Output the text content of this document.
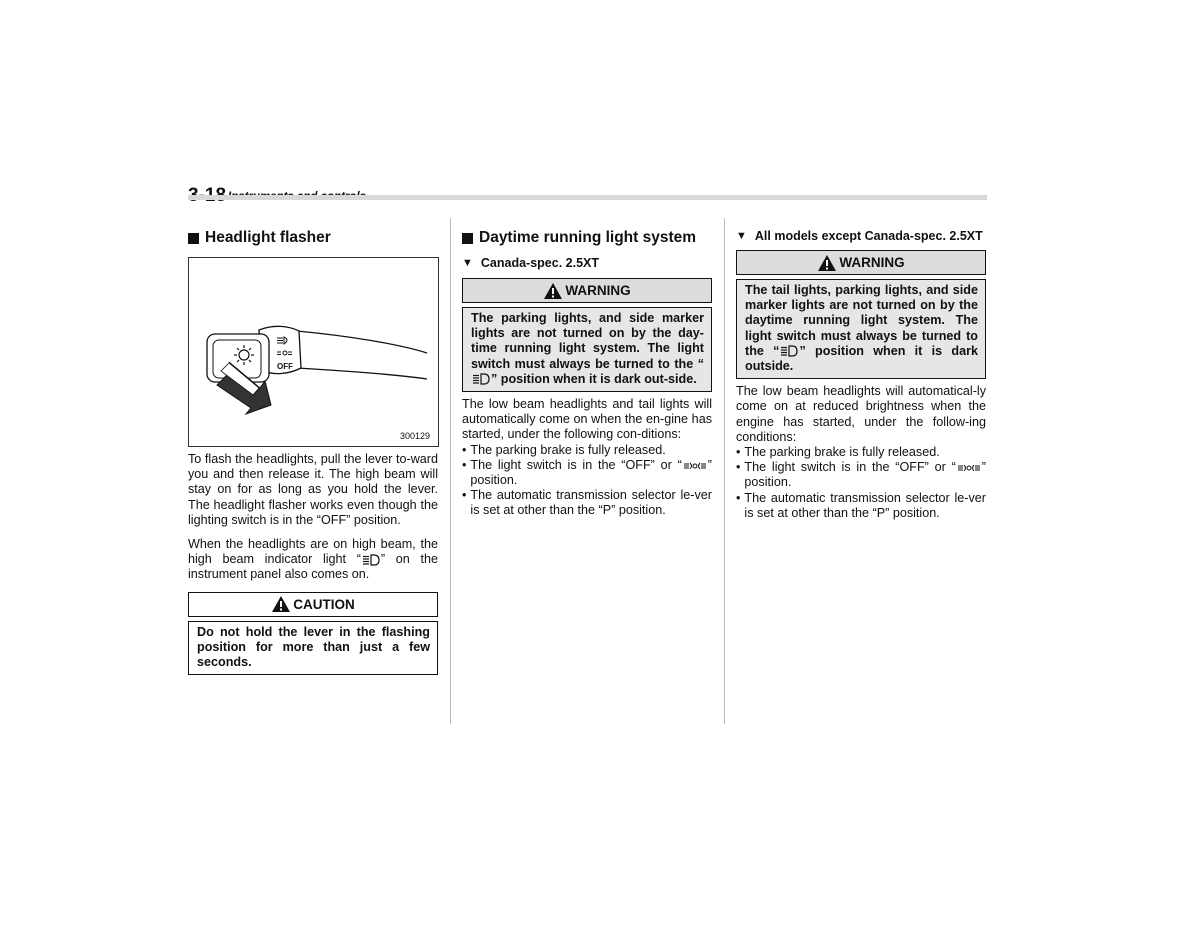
Headlight flasher
OFF
300129

To flash the headlights, pull the lever to-ward you and then release it. The high beam will stay on for as long as you hold the lever. The headlight flasher works even though the lighting switch is in the “OFF” position.

When the headlights are on high beam, the high beam indicator light “ ” on the instrument panel also comes on.

CAUTION
Do not hold the lever in the flashing position for more than just a few seconds.
Daytime running light system
▼ Canada-spec. 2.5XT
WARNING
The parking lights, and side marker lights are not turned on by the day-time running light system. The light switch must always be turned to the “” position when it is dark out-side.

The low beam headlights and tail lights will automatically come on when the en-gine has started, under the following con-ditions:

• The parking brake is fully released.
• The light switch is in the “OFF” or “ ” position.
• The automatic transmission selector le-ver is set at other than the “P” position.
▼ All models except Canada-spec. 2.5XT
WARNING
The tail lights, parking lights, and side marker lights are not turned on by the daytime running light system. The light switch must always be turned to the “ ” position when it is dark outside.

The low beam headlights will automatical-ly come on at reduced brightness when the engine has started, under the follow-ing conditions:

• The parking brake is fully released.
• The light switch is in the “OFF” or “ ” position.
• The automatic transmission selector le-ver is set at other than the “P” position.
